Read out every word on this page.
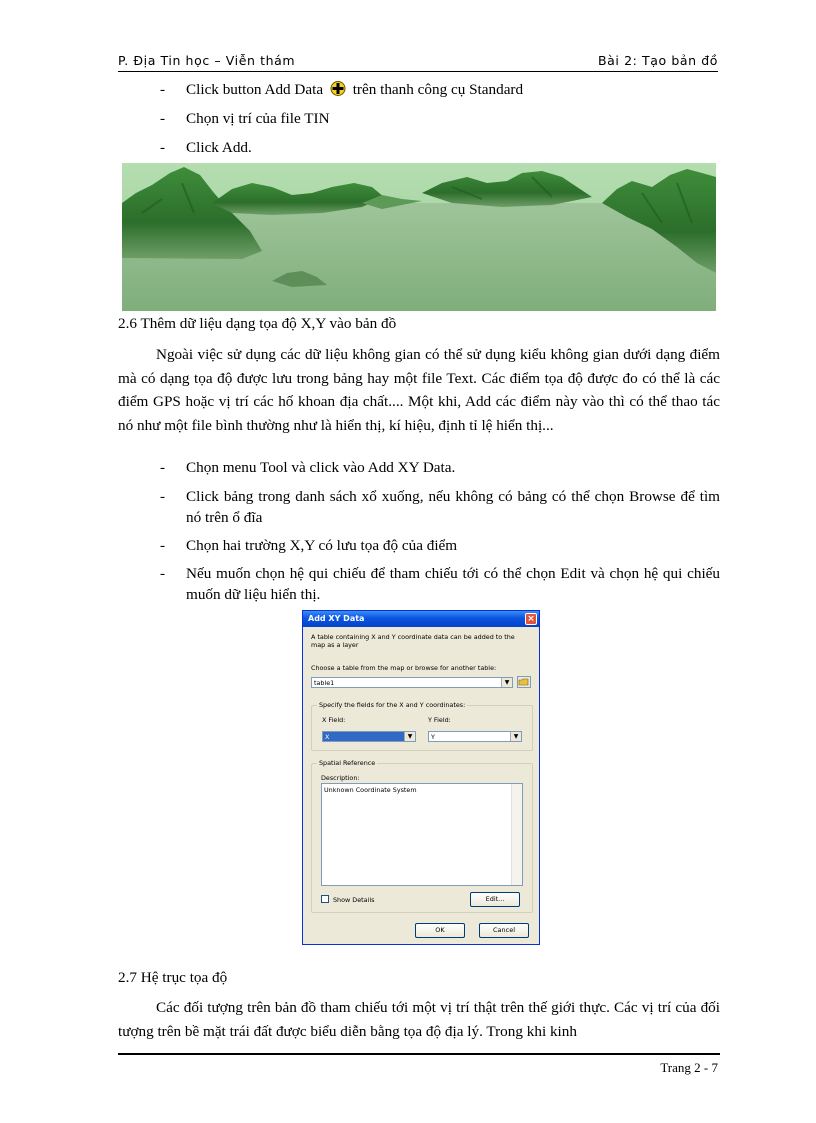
P. Địa Tin học – Viễn thám	Bài 2: Tạo bản đồ
- Click button Add Data trên thanh công cụ Standard
- Chọn vị trí của file TIN
- Click Add.
2.6 Thêm dữ liệu dạng tọa độ X,Y vào bản đồ
Ngoài việc sử dụng các dữ liệu không gian có thể sử dụng kiểu không gian dưới dạng điểm mà có dạng tọa độ được lưu trong bảng hay một file Text. Các điểm tọa độ được đo có thể là các điểm GPS hoặc vị trí các hố khoan địa chất.... Một khi, Add các điểm này vào thì có thể thao tác nó như một file bình thường như là hiển thị, kí hiệu, định tỉ lệ hiển thị...
- Chọn menu Tool và click vào Add XY Data.
- Click bảng trong danh sách xổ xuống, nếu không có bảng có thể chọn Browse để tìm nó trên ổ đĩa
- Chọn hai trường X,Y có lưu tọa độ của điểm
- Nếu muốn chọn hệ qui chiếu để tham chiếu tới có thể chọn Edit và chọn hệ qui chiếu muốn dữ liệu hiển thị.
Add XY Data	×
A table containing X and Y coordinate data can be added to the map as a layer
Choose a table from the map or browse for another table:
table1	▼
Specify the fields for the X and Y coordinates:
X Field:	Y Field:
X	▼	Y	▼
Spatial Reference
Description:
Unknown Coordinate System
Show Details	Edit...
OK	Cancel
2.7 Hệ trục tọa độ
Các đối tượng trên bản đồ tham chiếu tới một vị trí thật trên thế giới thực. Các vị trí của đối tượng trên bề mặt trái đất được biểu diễn bằng tọa độ địa lý. Trong khi kinh
Trang 2 - 7
